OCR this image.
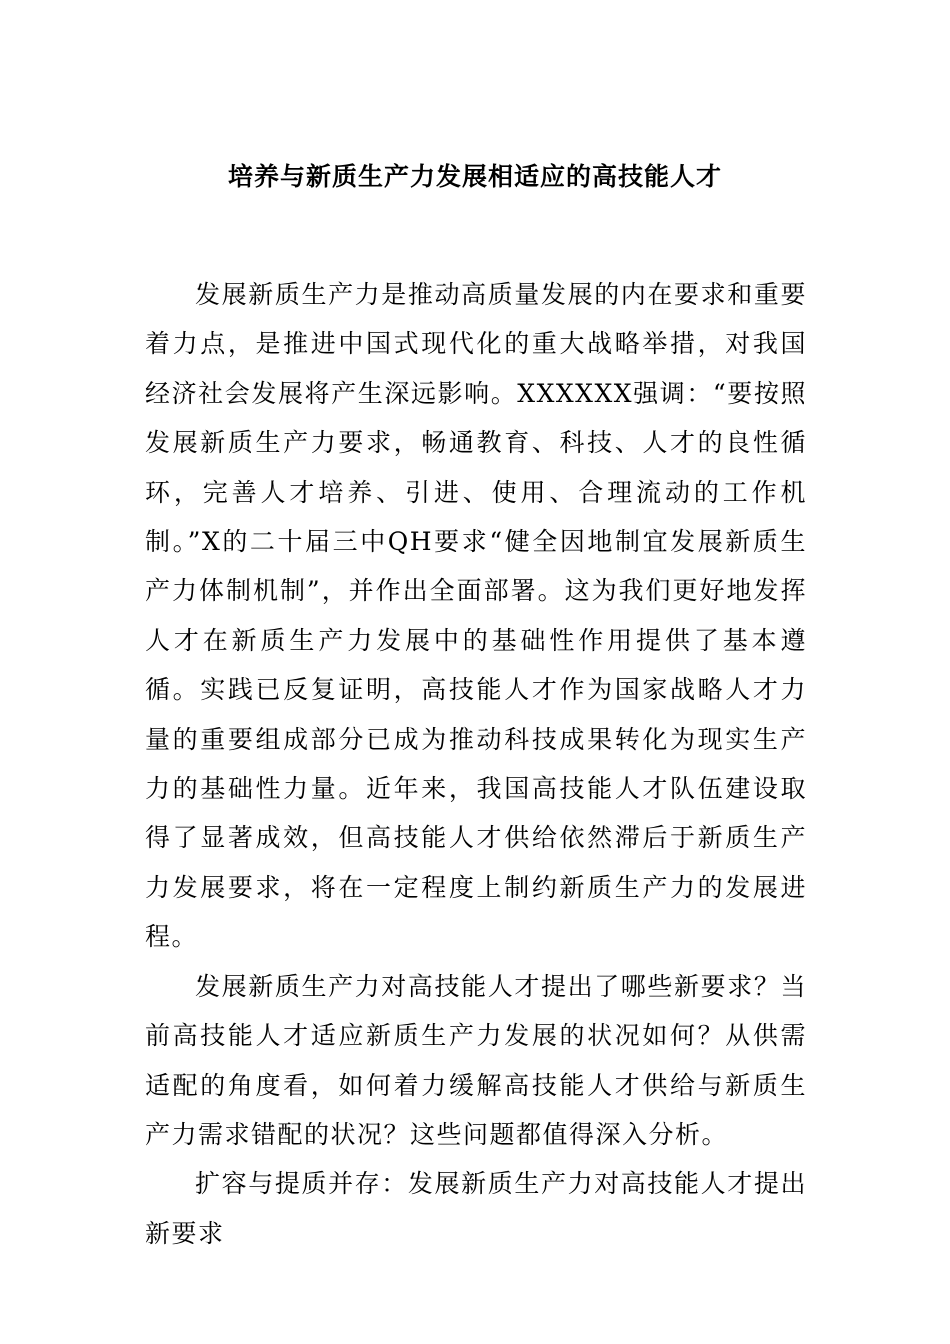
培养与新质生产力发展相适应的高技能人才

发展新质生产力是推动高质量发展的内在要求和重要着力点，是推进中国式现代化的重大战略举措，对我国经济社会发展将产生深远影响。XXXXXX强调：“要按照发展新质生产力要求，畅通教育、科技、人才的良性循环，完善人才培养、引进、使用、合理流动的工作机制。”X的二十届三中QH要求“健全因地制宜发展新质生产力体制机制”，并作出全面部署。这为我们更好地发挥人才在新质生产力发展中的基础性作用提供了基本遵循。实践已反复证明，高技能人才作为国家战略人才力量的重要组成部分已成为推动科技成果转化为现实生产力的基础性力量。近年来，我国高技能人才队伍建设取得了显著成效，但高技能人才供给依然滞后于新质生产力发展要求，将在一定程度上制约新质生产力的发展进程。

发展新质生产力对高技能人才提出了哪些新要求？当前高技能人才适应新质生产力发展的状况如何？从供需适配的角度看，如何着力缓解高技能人才供给与新质生产力需求错配的状况？这些问题都值得深入分析。

扩容与提质并存：发展新质生产力对高技能人才提出新要求
